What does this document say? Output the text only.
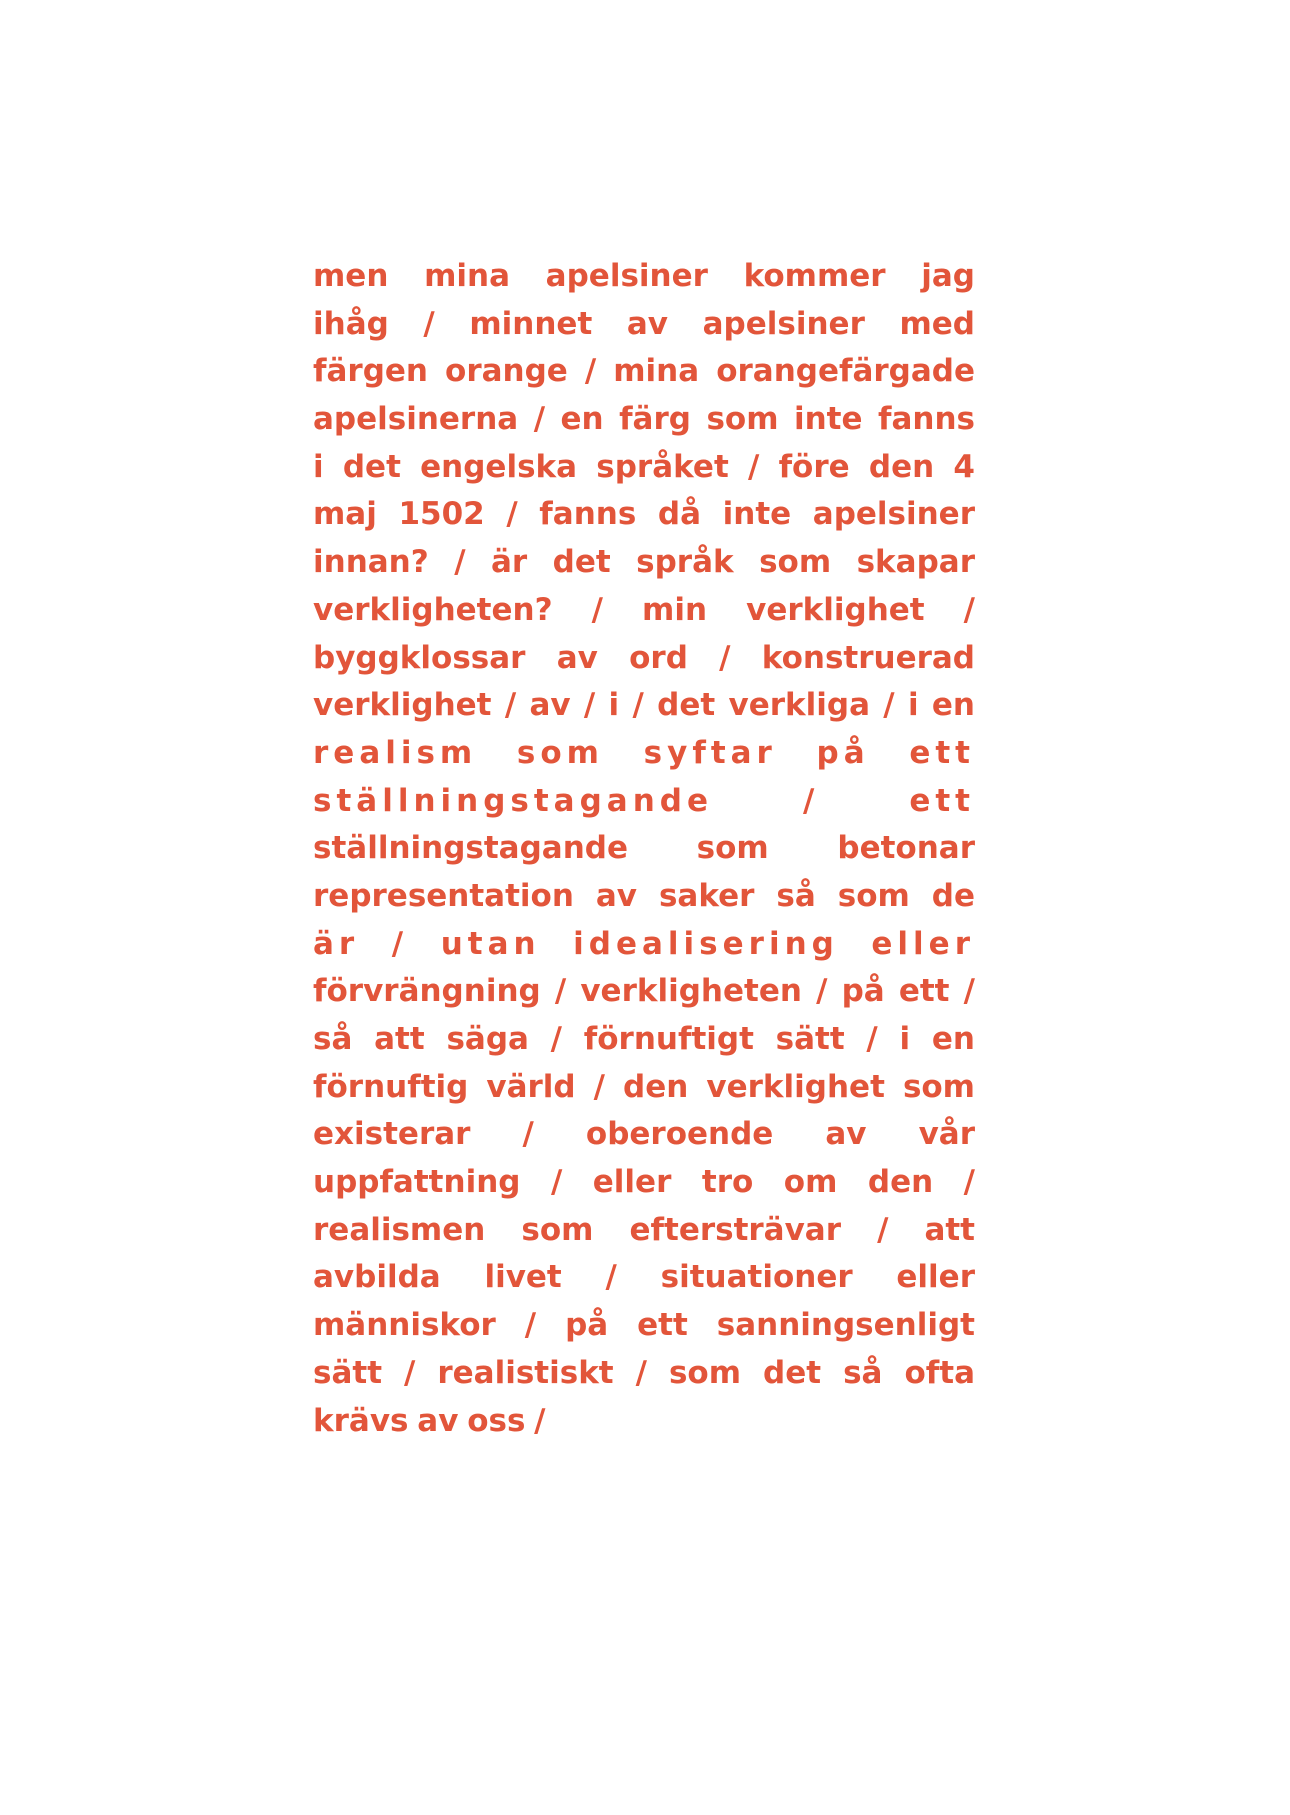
men mina apelsiner kommer jag
ihåg / minnet av apelsiner med
färgen orange / mina orangefärgade
apelsinerna / en färg som inte fanns
i det engelska språket / före den 4
maj 1502 / fanns då inte apelsiner
innan? / är det språk som skapar
verkligheten? / min verklighet /
byggklossar av ord / konstruerad
verklighet / av / i / det verkliga / i en
realism som syftar på ett
ställningstagande / ett
ställningstagande som betonar
representation av saker så som de
är / utan idealisering eller
förvrängning / verkligheten / på ett /
så att säga / förnuftigt sätt / i en
förnuftig värld / den verklighet som
existerar / oberoende av vår
uppfattning / eller tro om den /
realismen som eftersträvar / att
avbilda livet / situationer eller
människor / på ett sanningsenligt
sätt / realistiskt / som det så ofta
krävs av oss /
